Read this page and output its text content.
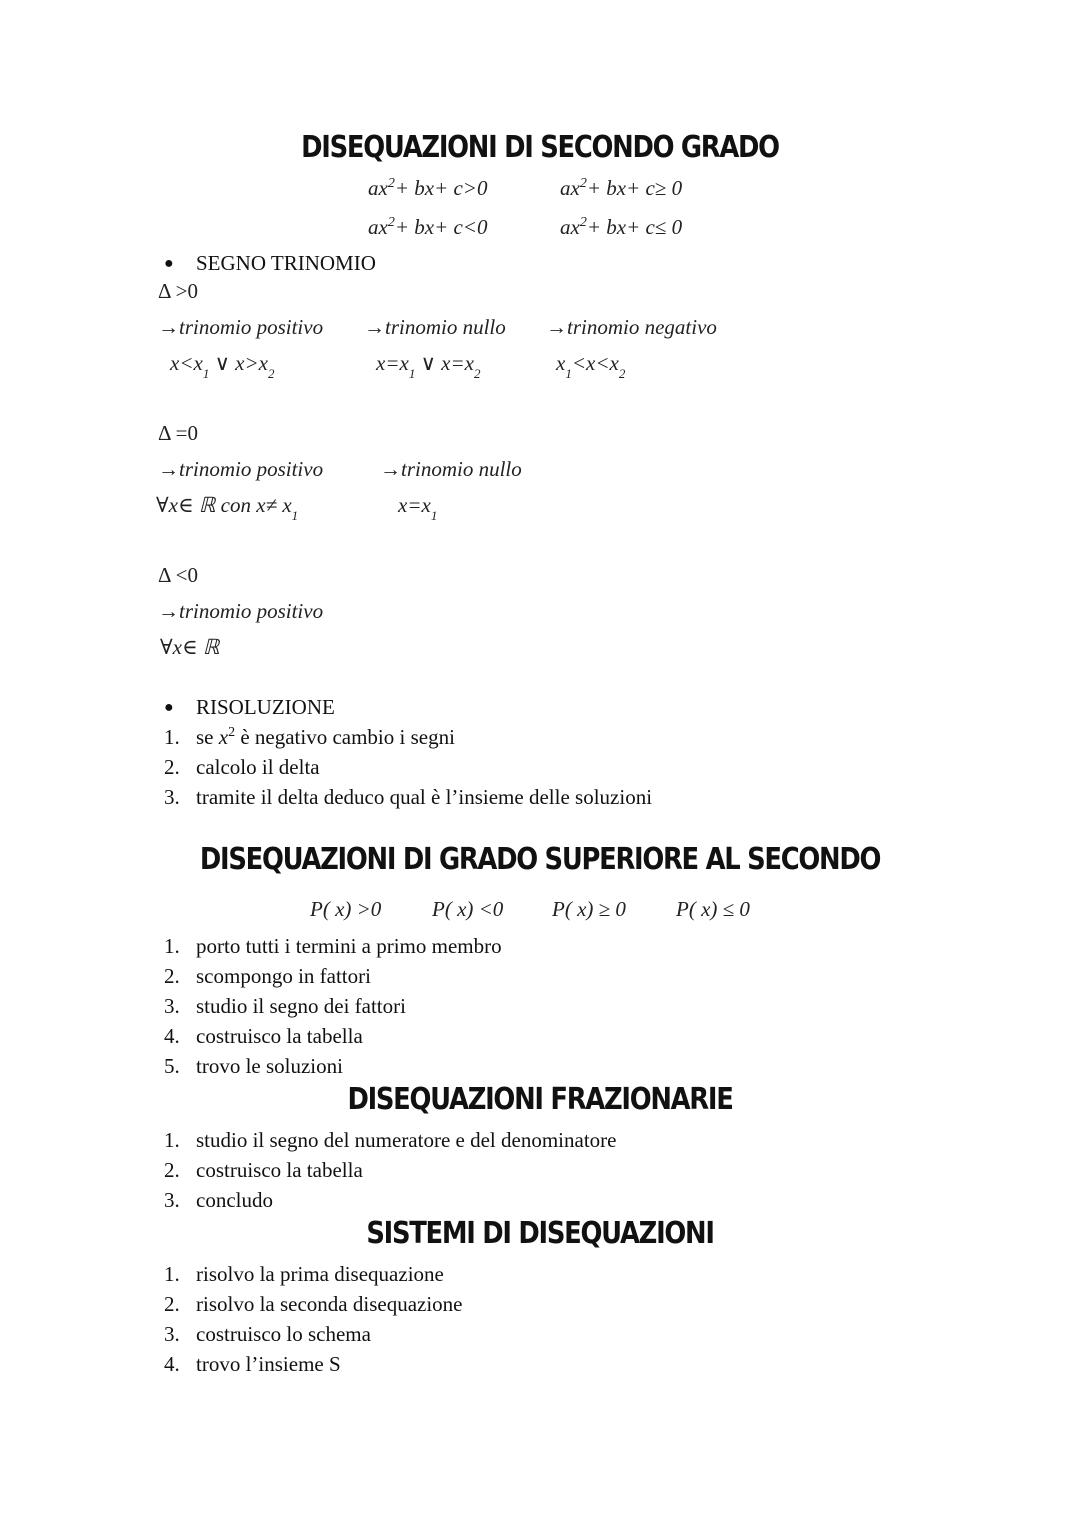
DISEQUAZIONI DI SECONDO GRADO
$ax^2+ bx+ c>0$	$ax^2+ bx+ c\ge 0$
$ax^2+ bx+ c<0$	$ax^2+ bx+ c\le 0$
● SEGNO TRINOMIO
Δ >0
→trinomio positivo →trinomio nullo →trinomio negativo
$x<x_1$ ∨ $x>x_2$	$x=x_1$ ∨ $x=x_2$	$x_1<x<x_2$
Δ =0
→trinomio positivo	→trinomio nullo
∀x∈ ℝ con $x\ne x_1$	$x=x_1$
Δ <0
→trinomio positivo
∀x∈ ℝ
● RISOLUZIONE
1. se $x^2$ è negativo cambio i segni
2. calcolo il delta
3. tramite il delta deduco qual è l’insieme delle soluzioni
DISEQUAZIONI DI GRADO SUPERIORE AL SECONDO
P( x) >0 P( x) <0 P( x) ≥ 0 P( x) ≤ 0
1. porto tutti i termini a primo membro
2. scompongo in fattori
3. studio il segno dei fattori
4. costruisco la tabella
5. trovo le soluzioni
DISEQUAZIONI FRAZIONARIE
1. studio il segno del numeratore e del denominatore
2. costruisco la tabella
3. concludo
SISTEMI DI DISEQUAZIONI
1. risolvo la prima disequazione
2. risolvo la seconda disequazione
3. costruisco lo schema
4. trovo l’insieme S
